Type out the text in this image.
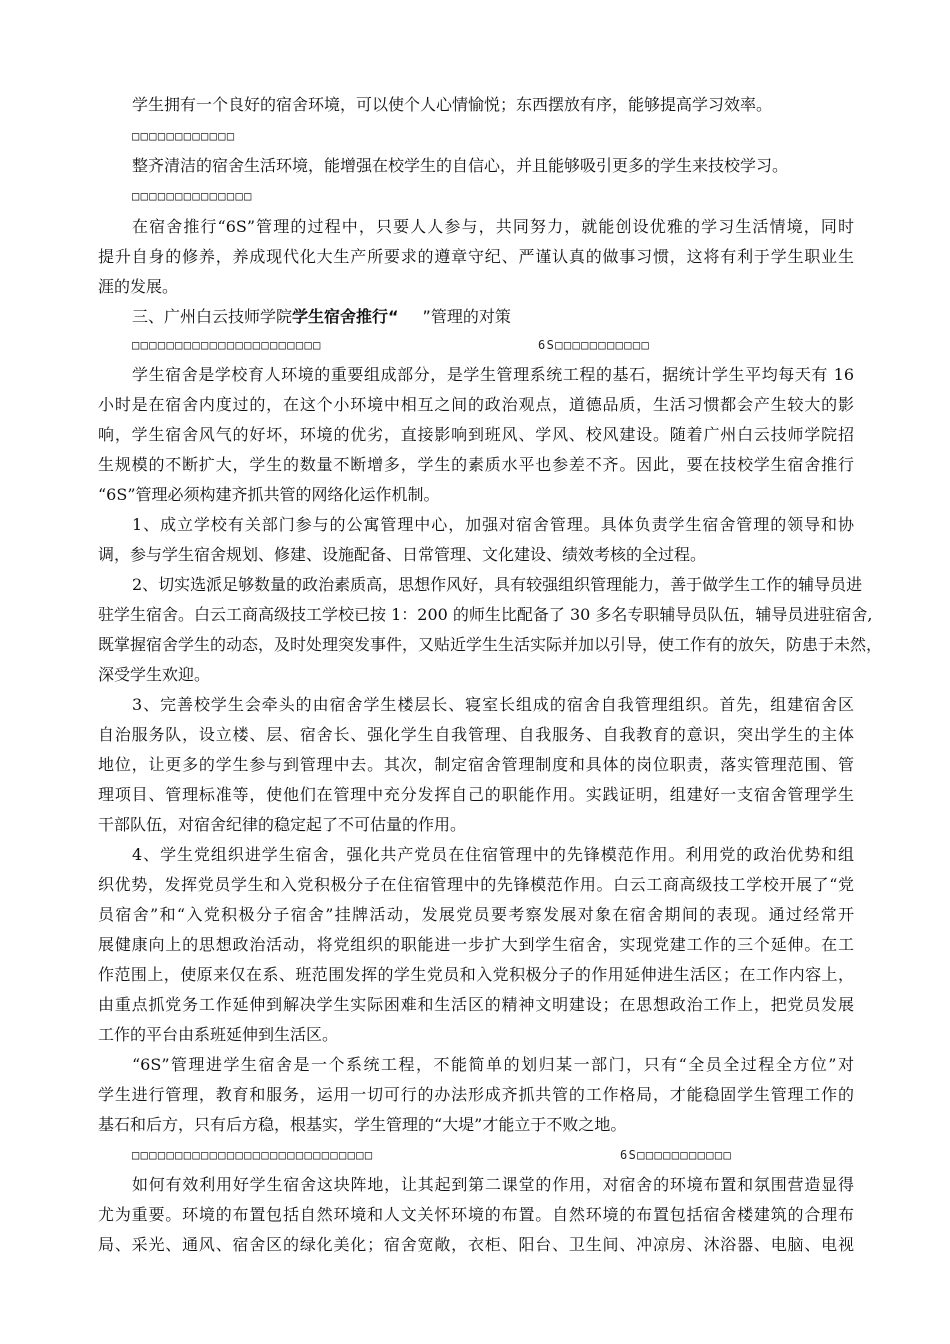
学生拥有一个良好的宿舍环境，可以使个人心情愉悦；东西摆放有序，能够提高学习效率。
□□□□□□□□□□□□
整齐清洁的宿舍生活环境，能增强在校学生的自信心，并且能够吸引更多的学生来技校学习。
□□□□□□□□□□□□□□
在宿舍推行“6S”管理的过程中，只要人人参与，共同努力，就能创设优雅的学习生活情境，同时
提升自身的修养，养成现代化大生产所要求的遵章守纪、严谨认真的做事习惯，这将有利于学生职业生
涯的发展。
三、广州白云技师学院学生宿舍推行“ ”管理的对策
□□□□□□□□□□□□□□□□□□□□□□	6S□□□□□□□□□□□
学生宿舍是学校育人环境的重要组成部分，是学生管理系统工程的基石，据统计学生平均每天有 16
小时是在宿舍内度过的，在这个小环境中相互之间的政治观点，道德品质，生活习惯都会产生较大的影
响，学生宿舍风气的好坏，环境的优劣，直接影响到班风、学风、校风建设。随着广州白云技师学院招
生规模的不断扩大，学生的数量不断增多，学生的素质水平也参差不齐。因此，要在技校学生宿舍推行
“6S”管理必须构建齐抓共管的网络化运作机制。
1、成立学校有关部门参与的公寓管理中心，加强对宿舍管理。具体负责学生宿舍管理的领导和协
调，参与学生宿舍规划、修建、设施配备、日常管理、文化建设、绩效考核的全过程。
2、切实选派足够数量的政治素质高，思想作风好，具有较强组织管理能力，善于做学生工作的辅导员进
驻学生宿舍。白云工商高级技工学校已按 1：200 的师生比配备了 30 多名专职辅导员队伍，辅导员进驻宿舍,
既掌握宿舍学生的动态，及时处理突发事件，又贴近学生生活实际并加以引导，使工作有的放矢，防患于未然，
深受学生欢迎。
3、完善校学生会牵头的由宿舍学生楼层长、寝室长组成的宿舍自我管理组织。首先，组建宿舍区
自治服务队，设立楼、层、宿舍长、强化学生自我管理、自我服务、自我教育的意识，突出学生的主体
地位，让更多的学生参与到管理中去。其次，制定宿舍管理制度和具体的岗位职责，落实管理范围、管
理项目、管理标准等，使他们在管理中充分发挥自己的职能作用。实践证明，组建好一支宿舍管理学生
干部队伍，对宿舍纪律的稳定起了不可估量的作用。
4、学生党组织进学生宿舍，强化共产党员在住宿管理中的先锋模范作用。利用党的政治优势和组
织优势，发挥党员学生和入党积极分子在住宿管理中的先锋模范作用。白云工商高级技工学校开展了“党
员宿舍”和“入党积极分子宿舍”挂牌活动，发展党员要考察发展对象在宿舍期间的表现。通过经常开
展健康向上的思想政治活动，将党组织的职能进一步扩大到学生宿舍，实现党建工作的三个延伸。在工
作范围上，使原来仅在系、班范围发挥的学生党员和入党积极分子的作用延伸进生活区；在工作内容上，
由重点抓党务工作延伸到解决学生实际困难和生活区的精神文明建设；在思想政治工作上，把党员发展
工作的平台由系班延伸到生活区。
“6S”管理进学生宿舍是一个系统工程，不能简单的划归某一部门，只有“全员全过程全方位”对
学生进行管理，教育和服务，运用一切可行的办法形成齐抓共管的工作格局，才能稳固学生管理工作的
基石和后方，只有后方稳，根基实，学生管理的“大堤”才能立于不败之地。
□□□□□□□□□□□□□□□□□□□□□□□□□□□□	6S□□□□□□□□□□□
如何有效利用好学生宿舍这块阵地，让其起到第二课堂的作用，对宿舍的环境布置和氛围营造显得
尤为重要。环境的布置包括自然环境和人文关怀环境的布置。自然环境的布置包括宿舍楼建筑的合理布
局、采光、通风、宿舍区的绿化美化；宿舍宽敞，衣柜、阳台、卫生间、冲凉房、沐浴器、电脑、电视
